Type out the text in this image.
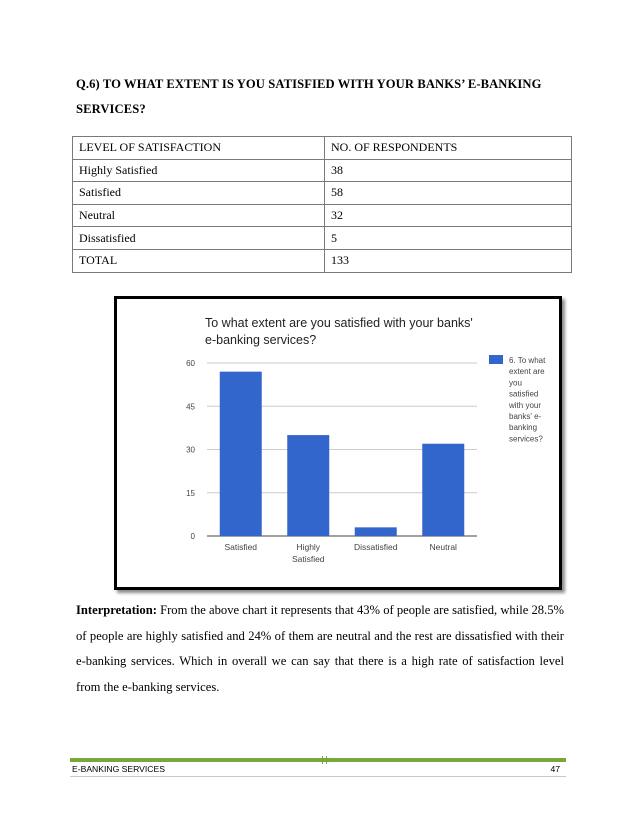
Q.6) TO WHAT EXTENT IS YOU SATISFIED WITH YOUR BANKS’ E-BANKING SERVICES?
LEVEL OF SATISFACTION	NO. OF RESPONDENTS
Highly Satisfied	38
Satisfied	58
Neutral	32
Dissatisfied	5
TOTAL	133
To what extent are you satisfied with your banks'
e-banking services?
0
15
30
45
60
Satisfied	Highly
Satisfied
Dissatisfied	Neutral
6. To what
extent are
you
satisfied
with your
banks' e-
banking
services?
Interpretation: From the above chart it represents that 43% of people are satisfied, while 28.5% of people are highly satisfied and 24% of them are neutral and the rest are dissatisfied with their e-banking services. Which in overall we can say that there is a high rate of satisfaction level from the e-banking services.
E-BANKING SERVICES	47
